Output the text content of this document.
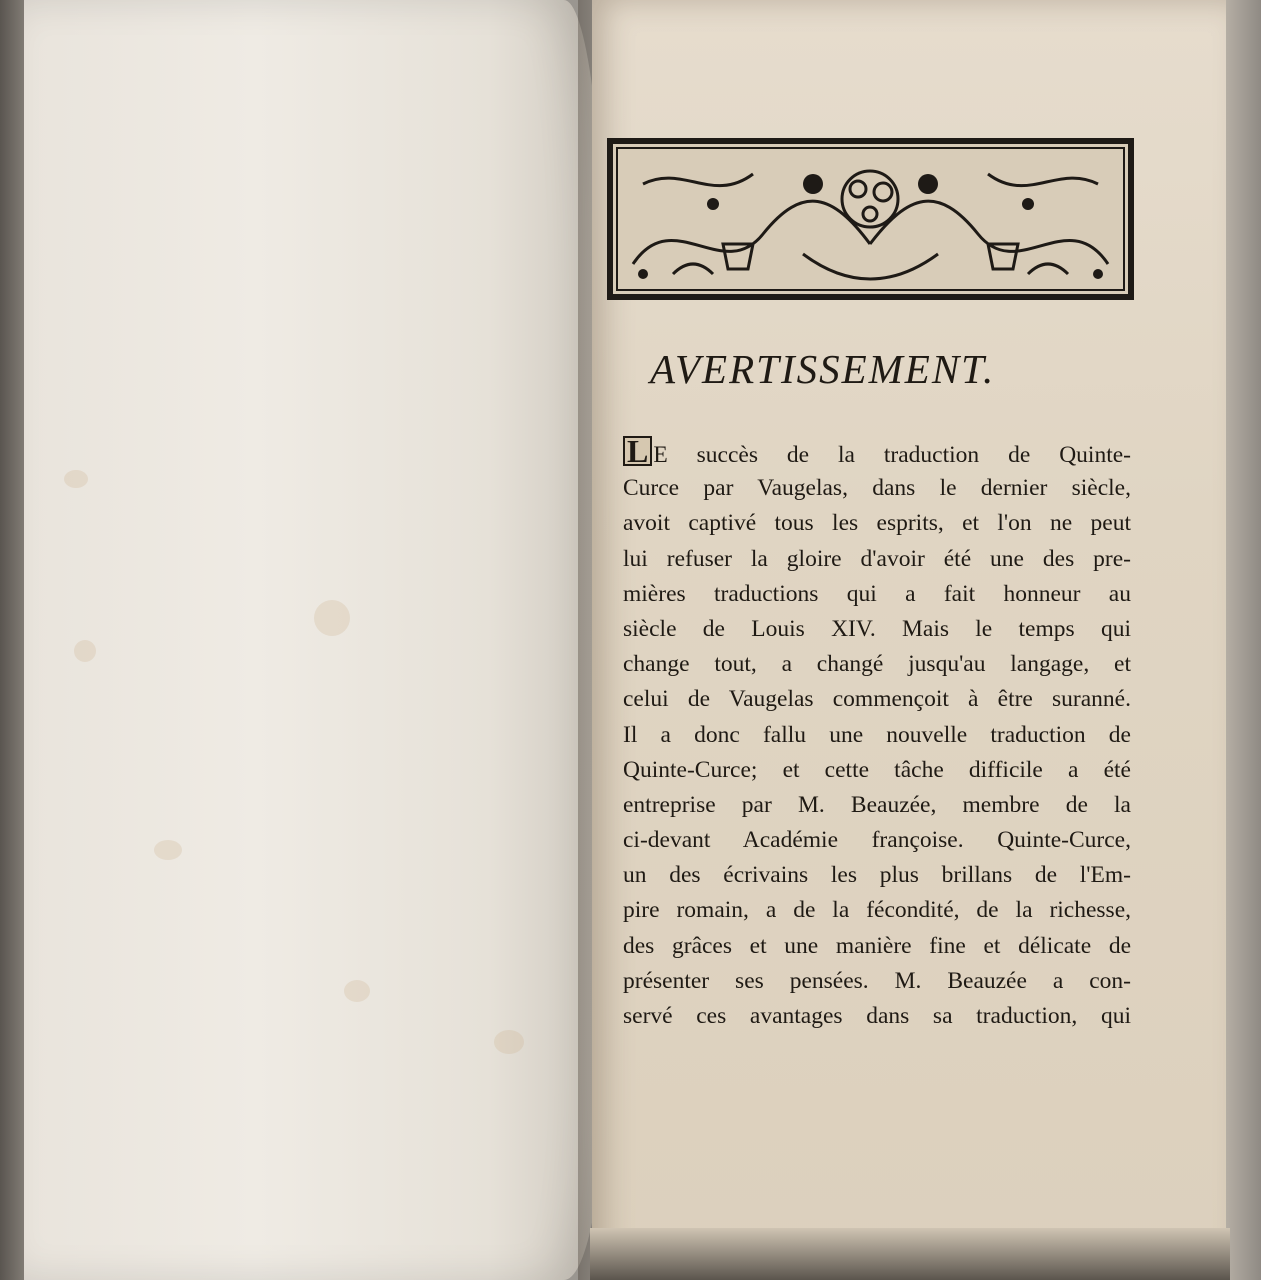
AVERTISSEMENT.
L E succès de la traduction de Quinte-
Curce par Vaugelas, dans le dernier siècle,
avoit captivé tous les esprits, et l'on ne peut
lui refuser la gloire d'avoir été une des pre-
mières traductions qui a fait honneur au
siècle de Louis XIV. Mais le temps qui
change tout, a changé jusqu'au langage, et
celui de Vaugelas commençoit à être suranné.
Il a donc fallu une nouvelle traduction de
Quinte-Curce; et cette tâche difficile a été
entreprise par M. Beauzée, membre de la
ci-devant Académie françoise. Quinte-Curce,
un des écrivains les plus brillans de l'Em-
pire romain, a de la fécondité, de la richesse,
des grâces et une manière fine et délicate de
présenter ses pensées. M. Beauzée a con-
servé ces avantages dans sa traduction, qui
